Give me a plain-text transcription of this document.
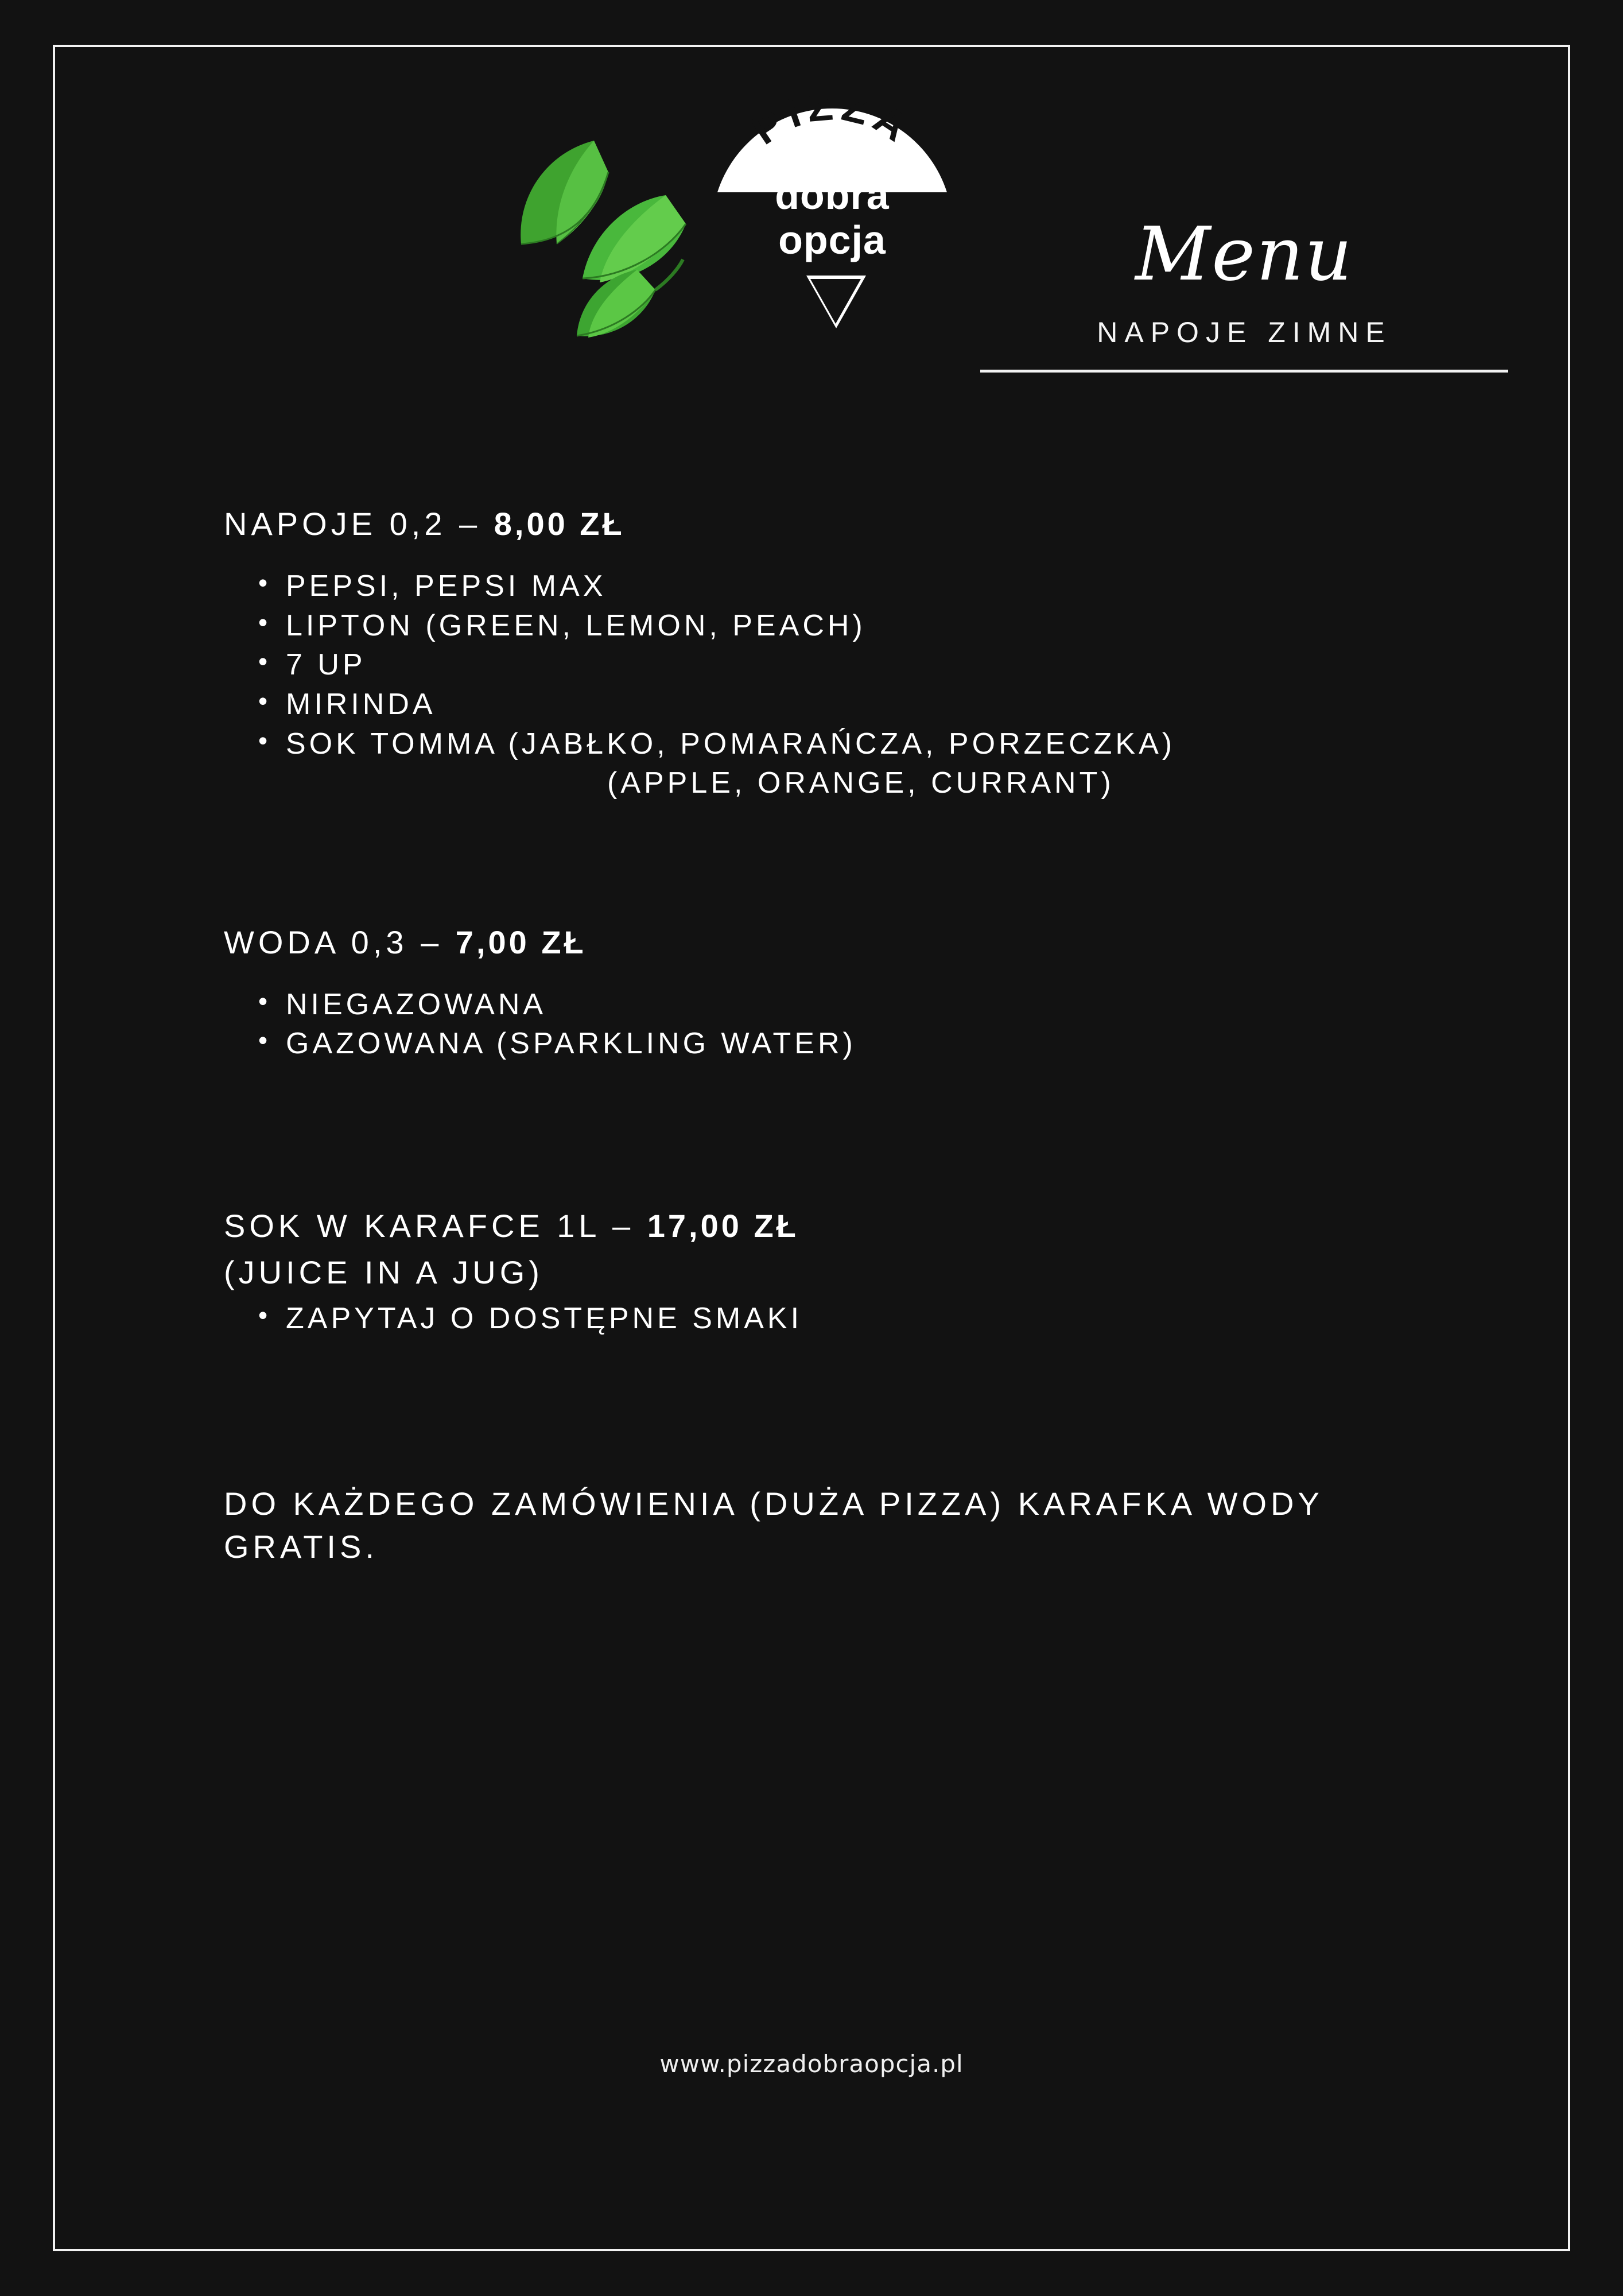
PIZZA
dobra
opcja	Menu
NAPOJE ZIMNE
NAPOJE 0,2 – 8,00 ZŁ
• PEPSI, PEPSI MAX
• LIPTON (GREEN, LEMON, PEACH)
• 7 UP
• MIRINDA
• SOK TOMMA (JABŁKO, POMARAŃCZA, PORZECZKA)
(APPLE, ORANGE, CURRANT)
WODA 0,3 – 7,00 ZŁ
• NIEGAZOWANA
• GAZOWANA (SPARKLING WATER)
SOK W KARAFCE 1L – 17,00 ZŁ
(JUICE IN A JUG)
• ZAPYTAJ O DOSTĘPNE SMAKI
DO KAŻDEGO ZAMÓWIENIA (DUŻA PIZZA) KARAFKA WODY GRATIS.
www.pizzadobraopcja.pl
